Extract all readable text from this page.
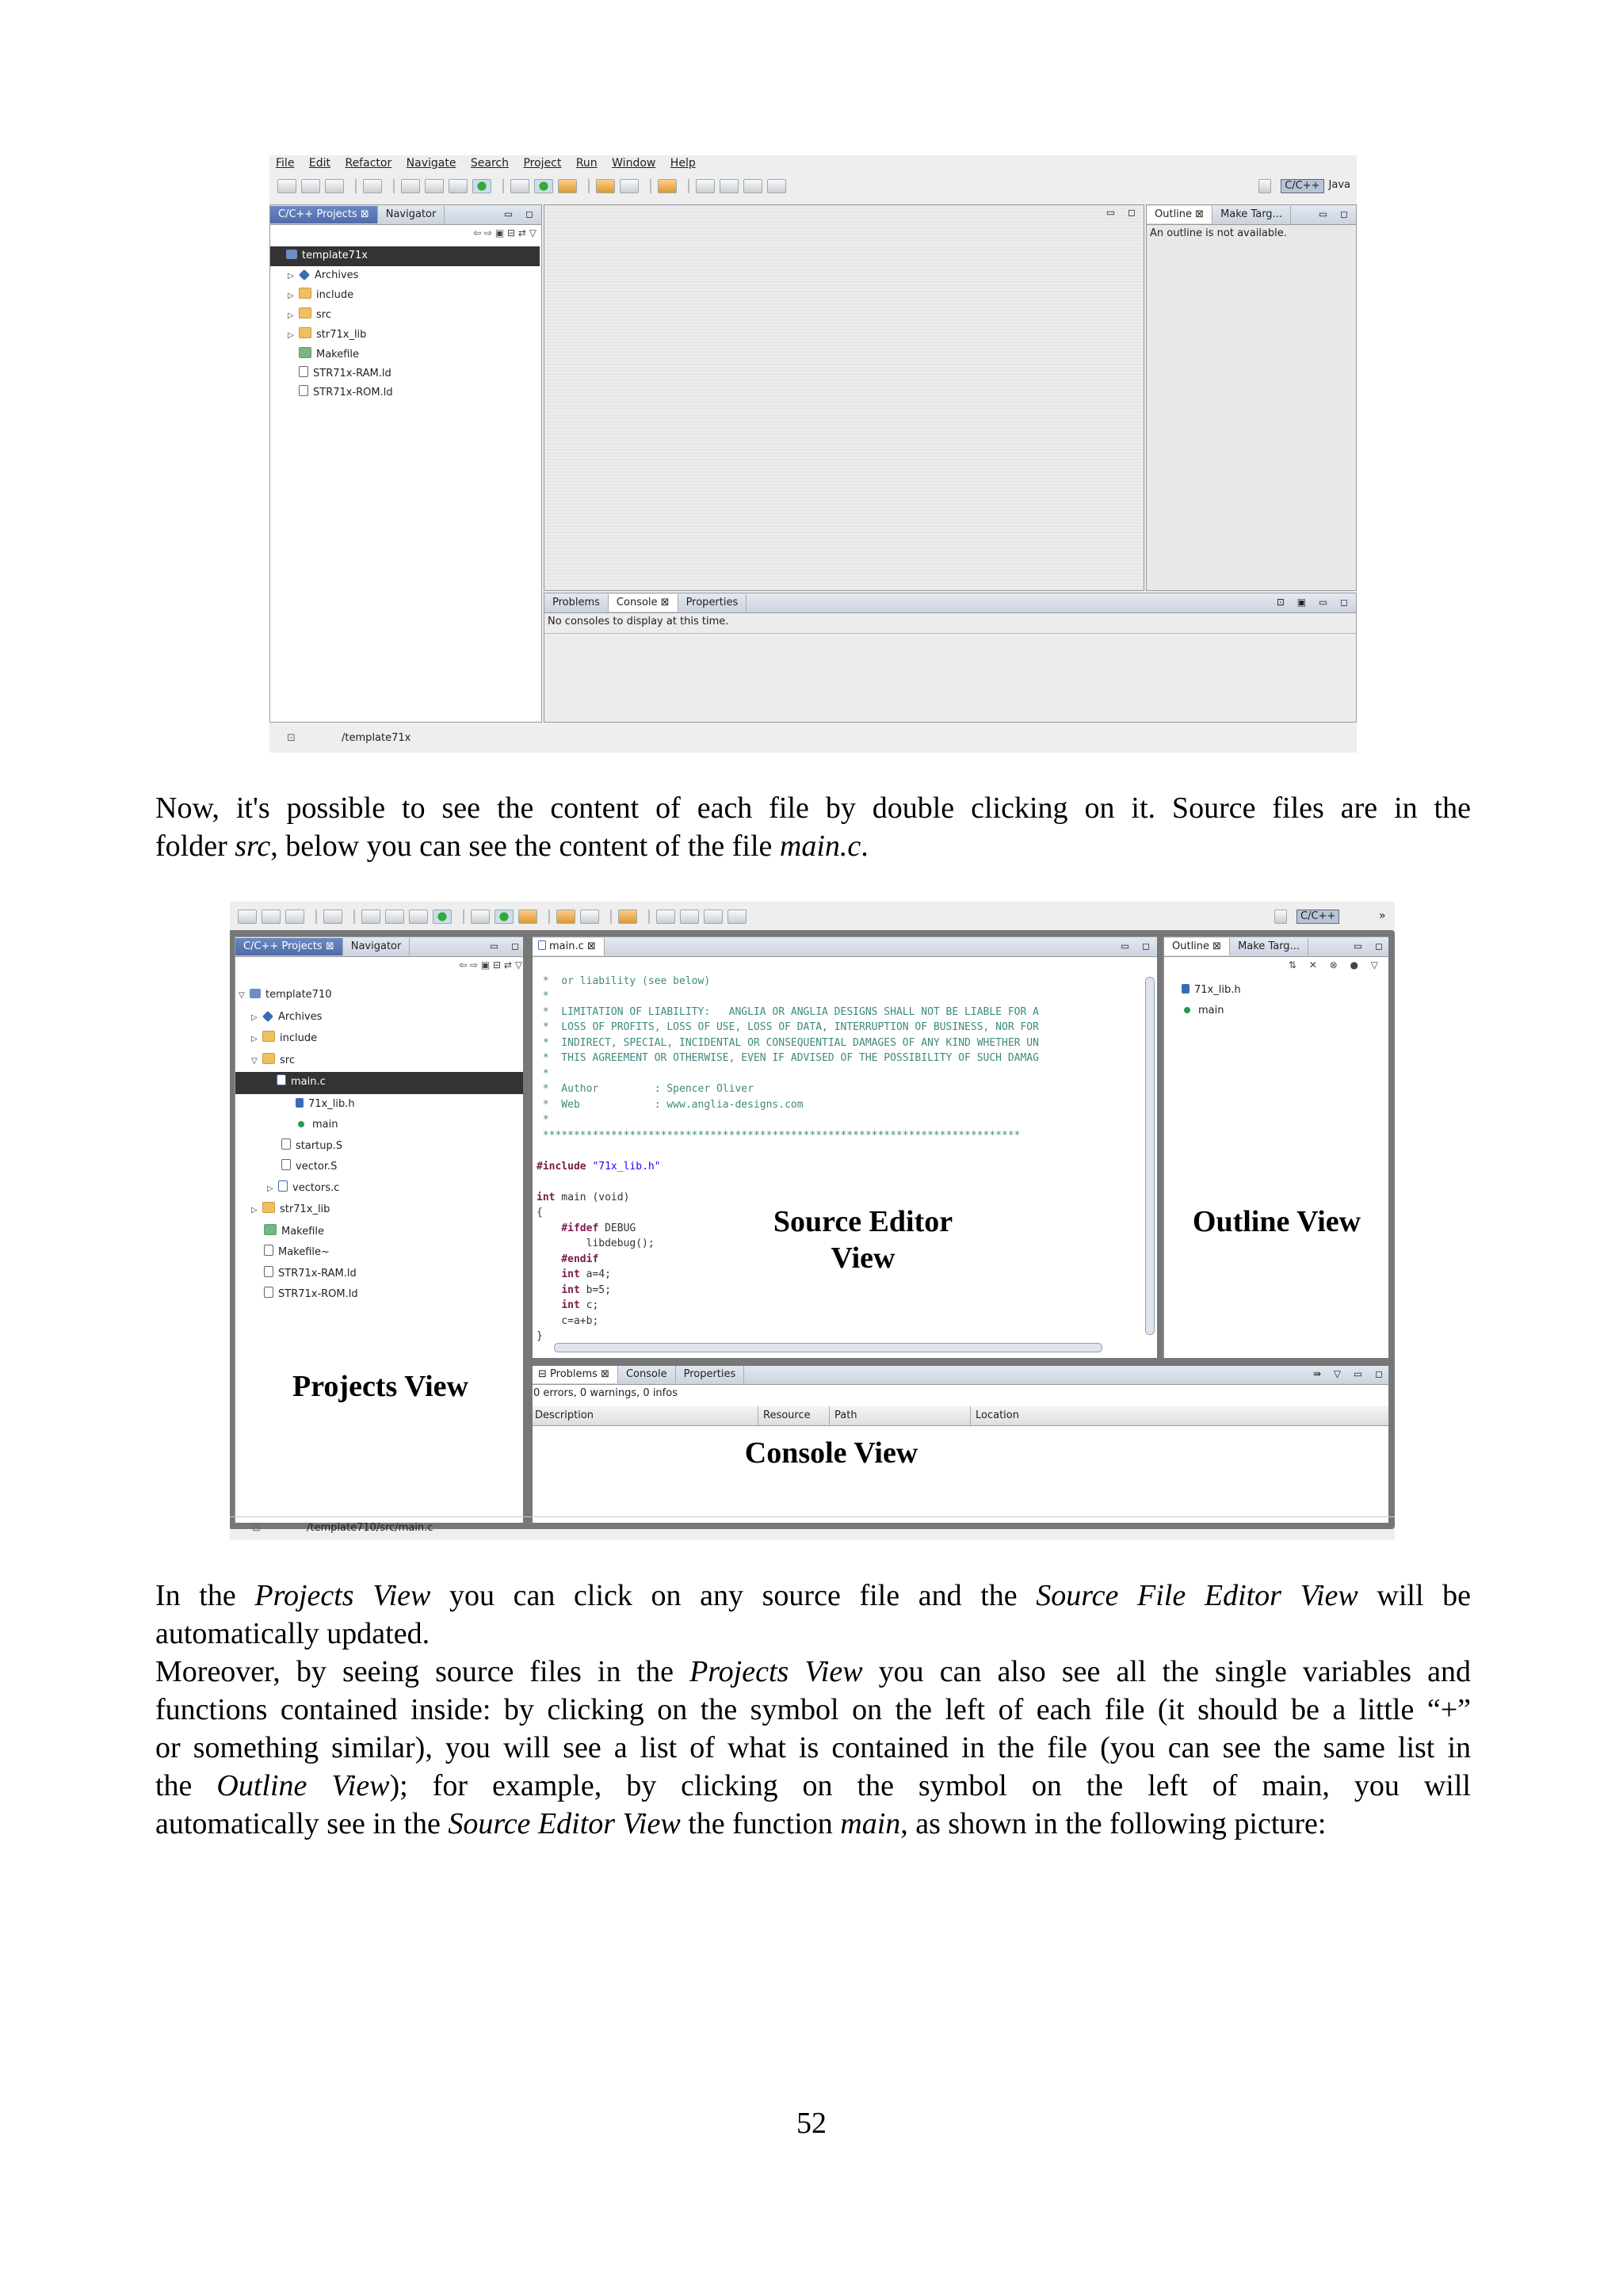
File Edit Refactor Navigate Search Project Run Window Help
C/C++ Java
C/C++ Projects ⊠	Navigator	▭ ◻
⇦ ⇨ ▣ ⊟ ⇄ ▽
▾ template71x
▷ Archives
▷ include
▷ src
▷ str71x_lib
Makefile
STR71x-RAM.ld
STR71x-ROM.ld
▭ ◻	Outline ⊠	Make Targ...	▭ ◻
An outline is not available.
Problems	Console ⊠	Properties	⊡ ▣ ▭ ◻
No consoles to display at this time.
⊡	/template71x
Now, it's possible to see the content of each file by double clicking on it. Source files are in the
folder src, below you can see the content of the file main.c.
C/C++	»
C/C++ Projects ⊠	Navigator	▭ ◻
⇦ ⇨ ▣ ⊟ ⇄ ▽
▽ template710
▷ Archives
▷ include
▽ src
▾ main.c
71x_lib.h
main
startup.S
vector.S
▷ vectors.c
▷ str71x_lib
Makefile
Makefile~
STR71x-RAM.ld
STR71x-ROM.ld
Projects View
main.c ⊠	▭ ◻

*  or liability (see below)
*
*  LIMITATION OF LIABILITY:   ANGLIA OR ANGLIA DESIGNS SHALL NOT BE LIABLE FOR A
*  LOSS OF PROFITS, LOSS OF USE, LOSS OF DATA, INTERRUPTION OF BUSINESS, NOR FOR
*  INDIRECT, SPECIAL, INCIDENTAL OR CONSEQUENTIAL DAMAGES OF ANY KIND WHETHER UN
*  THIS AGREEMENT OR OTHERWISE, EVEN IF ADVISED OF THE POSSIBILITY OF SUCH DAMAG
*
*  Author         : Spencer Oliver
*  Web            : www.anglia-designs.com
*
*****************************************************************************

#include "71x_lib.h"

int main (void)
{
#ifdef DEBUG
libdebug();
#endif
int a=4;
int b=5;
int c;
c=a+b;
}

Source Editor
View
Outline ⊠	Make Targ...	▭ ◻
⇅ ✕ ⊗ ● ▽
71x_lib.h
main
Outline View
⊟ Problems ⊠	Console	Properties	⇛ ▽ ▭ ◻
0 errors, 0 warnings, 0 infos
Description	Resource	Path	Location
Console View
⊡	/template710/src/main.c
In the Projects View you can click on any source file and the Source File Editor View will be
automatically updated.
Moreover, by seeing source files in the Projects View you can also see all the single variables and
functions contained inside: by clicking on the symbol on the left of each file (it should be a little “+”
or something similar), you will see a list of what is contained in the file (you can see the same list in
the Outline View); for example, by clicking on the symbol on the left of main, you will
automatically see in the Source Editor View the function main, as shown in the following picture:
52
